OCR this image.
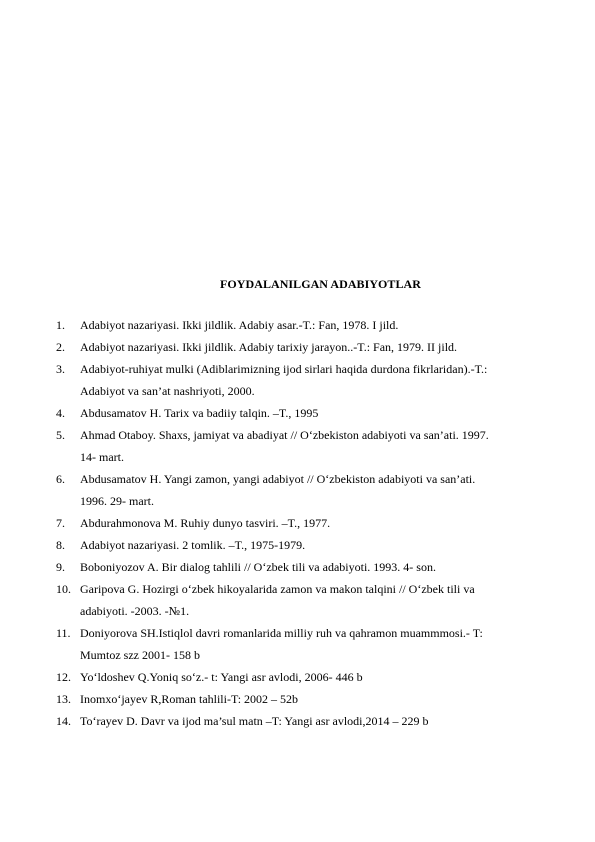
FOYDALANILGAN ADABIYOTLAR
1. Adabiyot nazariyasi. Ikki jildlik. Adabiy asar.-T.: Fan, 1978. I jild.
2. Adabiyot nazariyasi. Ikki jildlik. Adabiy tarixiy jarayon..-T.: Fan, 1979. II jild.
3. Adabiyot-ruhiyat mulki (Adiblarimizning ijod sirlari haqida durdona fikrlaridan).-T.:
Adabiyot va san’at nashriyoti, 2000.
4. Abdusamatov H. Tarix va badiiy talqin. –T., 1995
5. Ahmad Otaboy. Shaxs, jamiyat va abadiyat // O‘zbekiston adabiyoti va san’ati. 1997.
14- mart.
6. Abdusamatov H. Yangi zamon, yangi adabiyot // O‘zbekiston adabiyoti va san’ati.
1996. 29- mart.
7. Abdurahmonova M. Ruhiy dunyo tasviri. –T., 1977.
8. Adabiyot nazariyasi. 2 tomlik. –T., 1975-1979.
9. Boboniyozov A. Bir dialog tahlili // O‘zbek tili va adabiyoti. 1993. 4- son.
10. Garipova G. Hozirgi o‘zbek hikoyalarida zamon va makon talqini // O‘zbek tili va
adabiyoti. -2003. -№1.
11. Doniyorova SH.Istiqlol davri romanlarida milliy ruh va qahramon muammmosi.- T:
Mumtoz szz 2001- 158 b
12. Yo‘ldoshev Q.Yoniq so‘z.- t: Yangi asr avlodi, 2006- 446 b
13. Inomxo‘jayev R,Roman tahlili-T: 2002 – 52b
14. To‘rayev D. Davr va ijod ma’sul matn –T: Yangi asr avlodi,2014 – 229 b
